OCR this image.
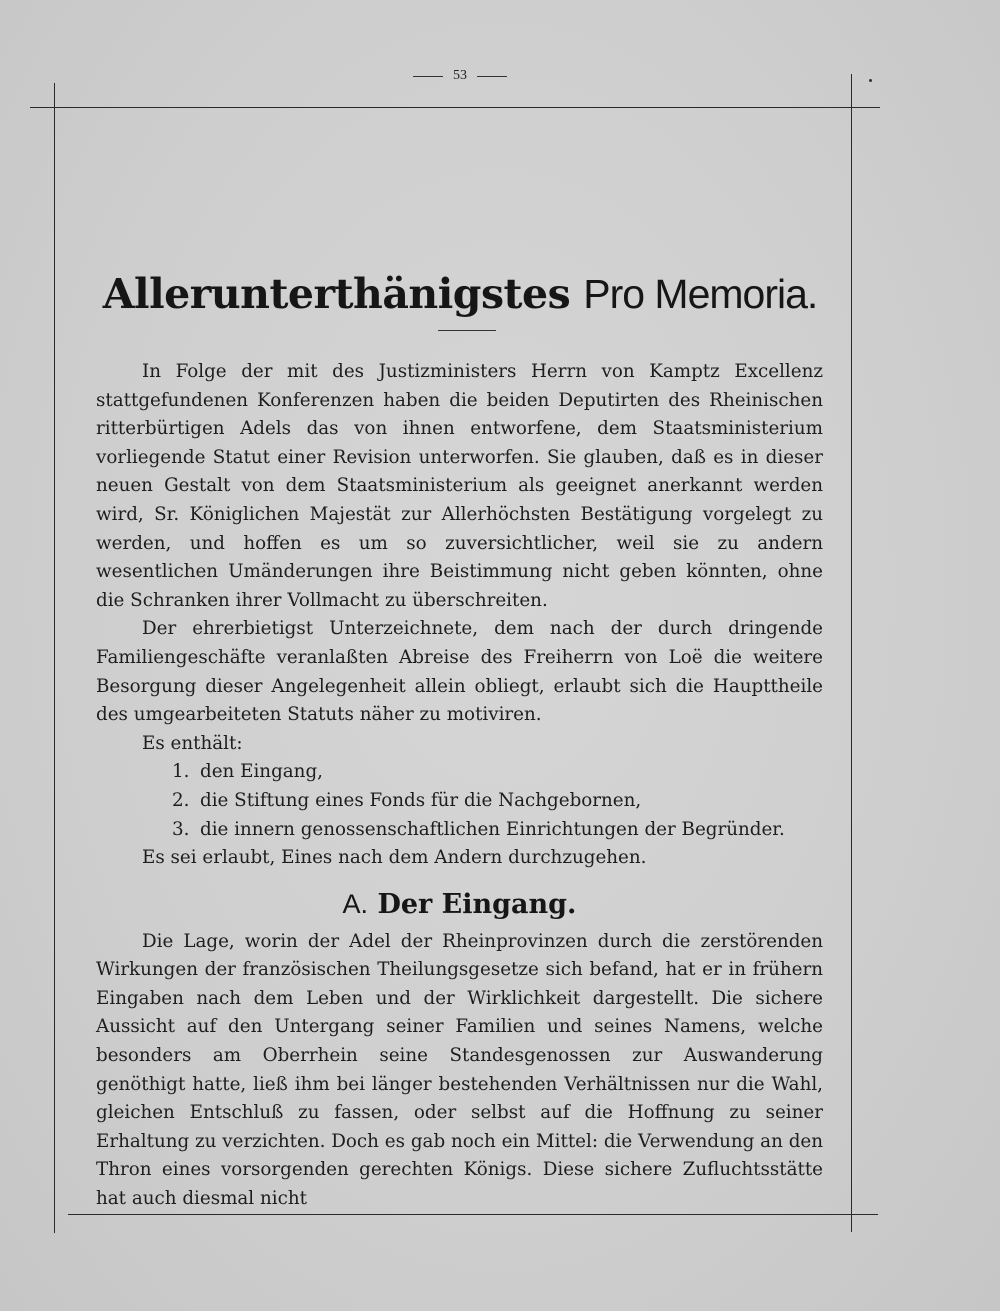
53
Allerunterthänigstes Pro Memoria.

In Folge der mit des Justizministers Herrn von Kamptz Excellenz stattgefundenen Konferenzen haben die beiden Deputirten des Rheinischen ritterbürtigen Adels das von ihnen entworfene, dem Staatsministerium vorliegende Statut einer Revision unterworfen. Sie glauben, daß es in dieser neuen Gestalt von dem Staatsministerium als geeignet anerkannt werden wird, Sr. Königlichen Majestät zur Allerhöchsten Bestätigung vorgelegt zu werden, und hoffen es um so zuversichtlicher, weil sie zu andern wesentlichen Umänderungen ihre Beistimmung nicht geben könnten, ohne die Schranken ihrer Vollmacht zu überschreiten.

Der ehrerbietigst Unterzeichnete, dem nach der durch dringende Familiengeschäfte veranlaßten Abreise des Freiherrn von Loë die weitere Besorgung dieser Angelegenheit allein obliegt, erlaubt sich die Haupttheile des umgearbeiteten Statuts näher zu motiviren.

Es enthält:

1. den Eingang,
2. die Stiftung eines Fonds für die Nachgebornen,
3. die innern genossenschaftlichen Einrichtungen der Begründer.

Es sei erlaubt, Eines nach dem Andern durchzugehen.

A. Der Eingang.

Die Lage, worin der Adel der Rheinprovinzen durch die zerstörenden Wirkungen der französischen Theilungsgesetze sich befand, hat er in frühern Eingaben nach dem Leben und der Wirklichkeit dargestellt. Die sichere Aussicht auf den Untergang seiner Familien und seines Namens, welche besonders am Oberrhein seine Standesgenossen zur Auswanderung genöthigt hatte, ließ ihm bei länger bestehenden Verhältnissen nur die Wahl, gleichen Entschluß zu fassen, oder selbst auf die Hoffnung zu seiner Erhaltung zu verzichten. Doch es gab noch ein Mittel: die Verwendung an den Thron eines vorsorgenden gerechten Königs. Diese sichere Zufluchtsstätte hat auch diesmal nicht
